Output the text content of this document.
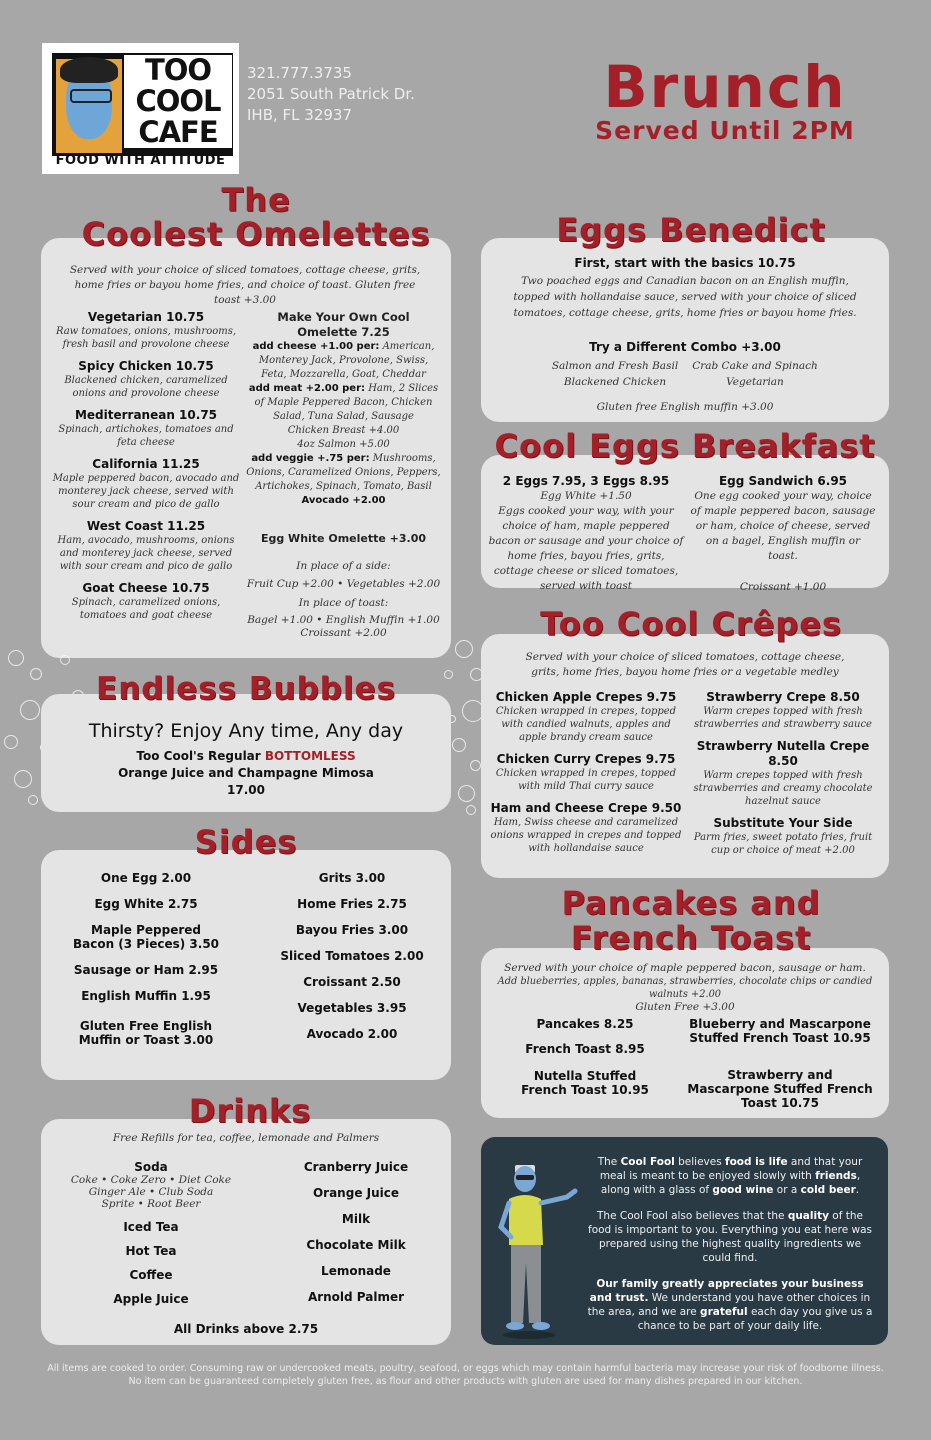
TOO
COOL
CAFE
FOOD WITH ATTITUDE
321.777.3735
2051 South Patrick Dr.
IHB, FL 32937	Brunch
Served Until 2PM
The
Coolest Omelettes
Served with your choice of sliced tomatoes, cottage cheese, grits, home fries or bayou home fries, and choice of toast. Gluten free toast +3.00
Vegetarian 10.75
Raw tomatoes, onions, mushrooms, fresh basil and provolone cheese
Spicy Chicken 10.75
Blackened chicken, caramelized onions and provolone cheese
Mediterranean 10.75
Spinach, artichokes, tomatoes and feta cheese
California 11.25
Maple peppered bacon, avocado and monterey jack cheese, served with sour cream and pico de gallo
West Coast 11.25
Ham, avocado, mushrooms, onions and monterey jack cheese, served with sour cream and pico de gallo
Goat Cheese 10.75
Spinach, caramelized onions, tomatoes and goat cheese
Make Your Own Cool Omelette 7.25
add cheese +1.00 per: American, Monterey Jack, Provolone, Swiss, Feta, Mozzarella, Goat, Cheddar
add meat +2.00 per: Ham, 2 Slices of Maple Peppered Bacon, Chicken Salad, Tuna Salad, Sausage
Chicken Breast +4.00
4oz Salmon +5.00
add veggie +.75 per: Mushrooms, Onions, Caramelized Onions, Peppers, Artichokes, Spinach, Tomato, Basil
Avocado +2.00
Egg White Omelette +3.00
In place of a side:
Fruit Cup +2.00 • Vegetables +2.00
In place of toast:
Bagel +1.00 • English Muffin +1.00
Croissant +2.00
Endless Bubbles
Thirsty? Enjoy Any time, Any day
Too Cool's Regular BOTTOMLESS
Orange Juice and Champagne Mimosa
17.00
Sides
One Egg 2.00
Egg White 2.75
Maple Peppered Bacon (3 Pieces) 3.50
Sausage or Ham 2.95
English Muffin 1.95
Gluten Free English Muffin or Toast 3.00
Grits 3.00
Home Fries 2.75
Bayou Fries 3.00
Sliced Tomatoes 2.00
Croissant 2.50
Vegetables 3.95
Avocado 2.00
Drinks
Free Refills for tea, coffee, lemonade and Palmers
Soda
Coke • Coke Zero • Diet Coke
Ginger Ale • Club Soda
Sprite • Root Beer
Iced Tea
Hot Tea
Coffee
Apple Juice
Cranberry Juice
Orange Juice
Milk
Chocolate Milk
Lemonade
Arnold Palmer
All Drinks above 2.75
Eggs Benedict
First, start with the basics 10.75
Two poached eggs and Canadian bacon on an English muffin, topped with hollandaise sauce, served with your choice of sliced tomatoes, cottage cheese, grits, home fries or bayou home fries.
Try a Different Combo +3.00
Salmon and Fresh Basil
Blackened Chicken
Crab Cake and Spinach
Vegetarian
Gluten free English muffin +3.00
Cool Eggs Breakfast
2 Eggs 7.95, 3 Eggs 8.95
Egg White +1.50
Eggs cooked your way, with your choice of ham, maple peppered bacon or sausage and your choice of home fries, bayou fries, grits, cottage cheese or sliced tomatoes, served with toast
Egg Sandwich 6.95
One egg cooked your way, choice of maple peppered bacon, sausage or ham, choice of cheese, served on a bagel, English muffin or toast.
Croissant +1.00
Too Cool Crêpes
Served with your choice of sliced tomatoes, cottage cheese, grits, home fries, bayou home fries or a vegetable medley
Chicken Apple Crepes 9.75
Chicken wrapped in crepes, topped with candied walnuts, apples and apple brandy cream sauce
Chicken Curry Crepes 9.75
Chicken wrapped in crepes, topped with mild Thai curry sauce
Ham and Cheese Crepe 9.50
Ham, Swiss cheese and caramelized onions wrapped in crepes and topped with hollandaise sauce
Strawberry Crepe 8.50
Warm crepes topped with fresh strawberries and strawberry sauce
Strawberry Nutella Crepe 8.50
Warm crepes topped with fresh strawberries and creamy chocolate hazelnut sauce
Substitute Your Side
Parm fries, sweet potato fries, fruit cup or choice of meat +2.00
Pancakes and
French Toast
Served with your choice of maple peppered bacon, sausage or ham.
Add blueberries, apples, bananas, strawberries, chocolate chips or candied walnuts +2.00
Gluten Free +3.00
Pancakes 8.25
French Toast 8.95
Nutella Stuffed French Toast 10.95
Blueberry and Mascarpone Stuffed French Toast 10.95
Strawberry and Mascarpone Stuffed French Toast 10.75

The Cool Fool believes food is life and that your meal is meant to be enjoyed slowly with friends, along with a glass of good wine or a cold beer.

The Cool Fool also believes that the quality of the food is important to you. Everything you eat here was prepared using the highest quality ingredients we could find.

Our family greatly appreciates your business and trust. We understand you have other choices in the area, and we are grateful each day you give us a chance to be part of your daily life.

All items are cooked to order. Consuming raw or undercooked meats, poultry, seafood, or eggs which may contain harmful bacteria may increase your risk of foodborne illness.
No item can be guaranteed completely gluten free, as flour and other products with gluten are used for many dishes prepared in our kitchen.
